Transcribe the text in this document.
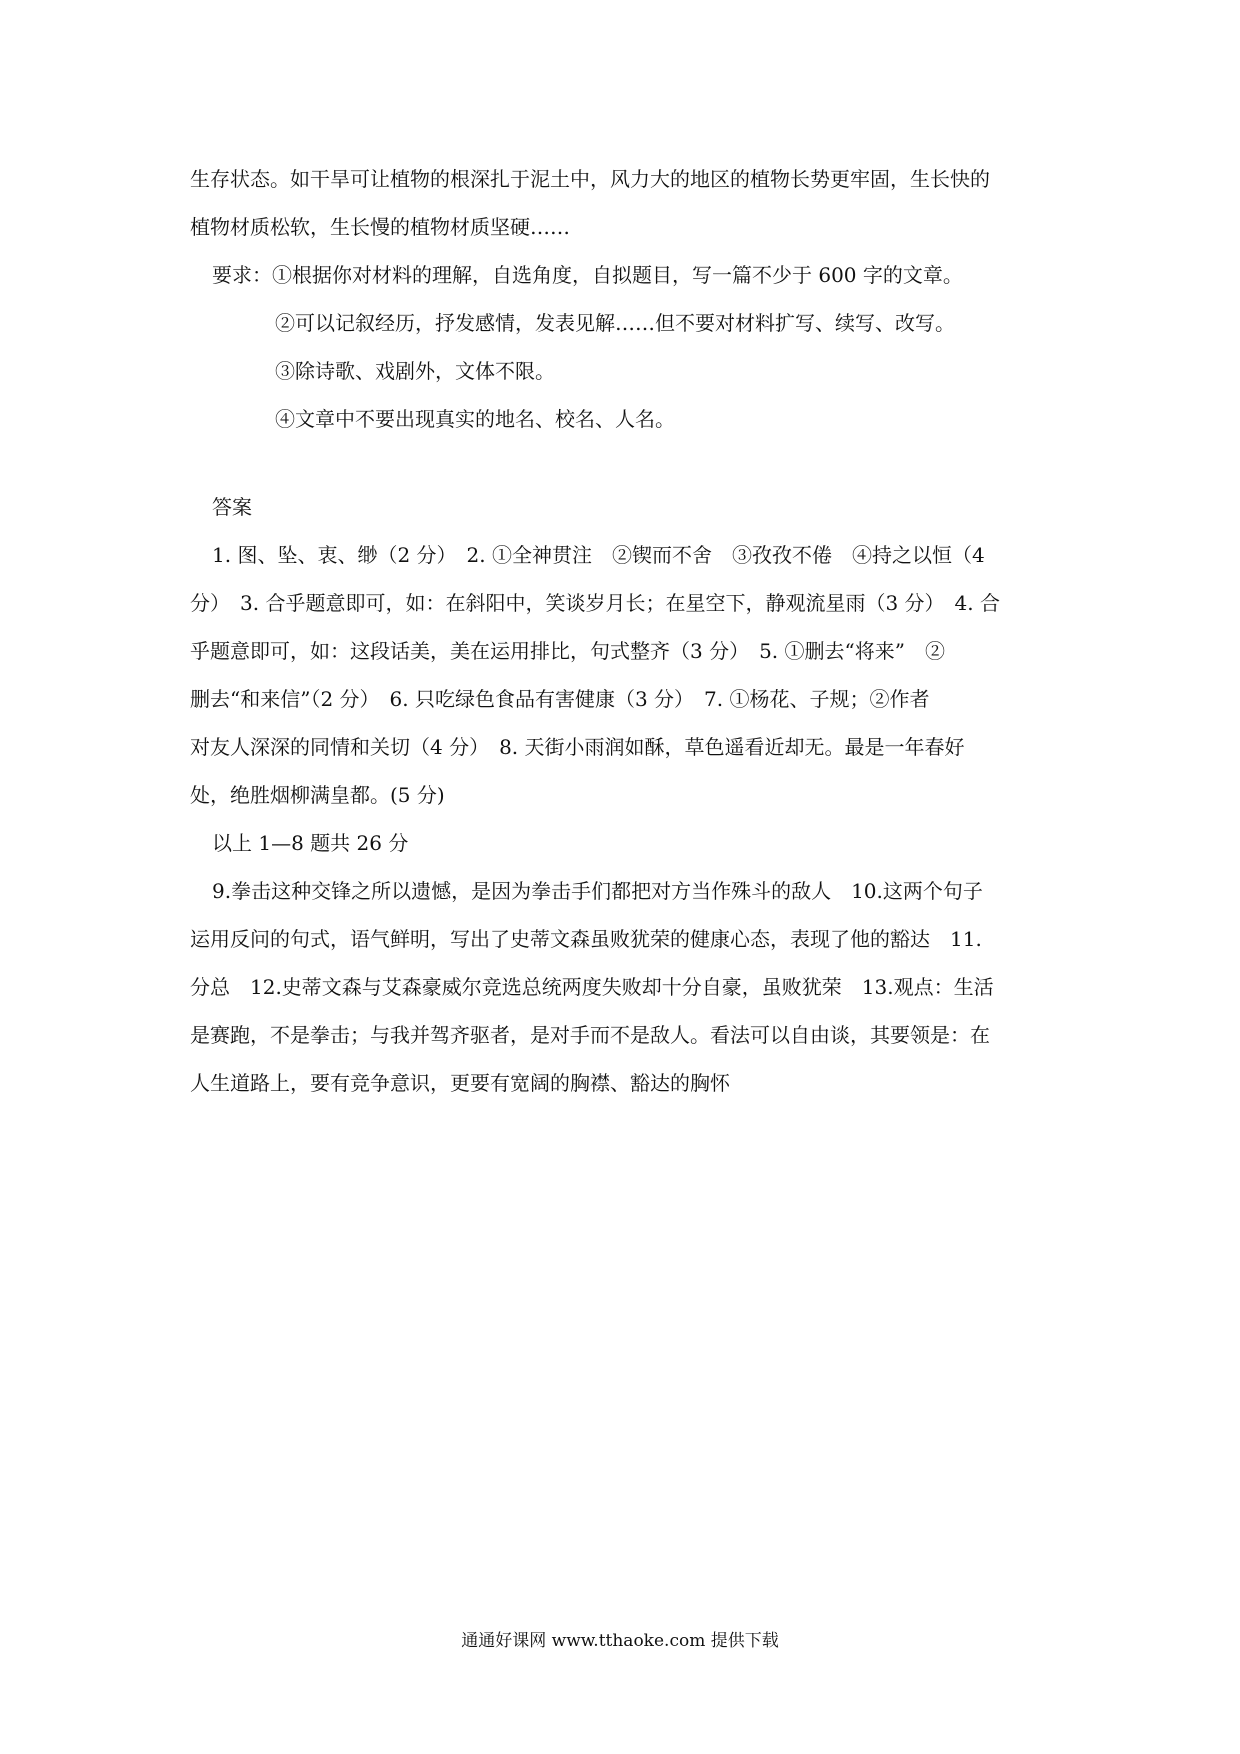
生存状态。如干旱可让植物的根深扎于泥土中，风力大的地区的植物长势更牢固，生长快的

植物材质松软，生长慢的植物材质坚硬……

要求：①根据你对材料的理解，自选角度，自拟题目，写一篇不少于 600 字的文章。

②可以记叙经历，抒发感情，发表见解……但不要对材料扩写、续写、改写。

③除诗歌、戏剧外，文体不限。

④文章中不要出现真实的地名、校名、人名。

答案

1. 图、坠、衷、缈（2 分）　2. ①全神贯注　②锲而不舍　③孜孜不倦　④持之以恒（4

分）　3. 合乎题意即可，如：在斜阳中，笑谈岁月长；在星空下，静观流星雨（3 分）　4. 合

乎题意即可，如：这段话美，美在运用排比，句式整齐（3 分）　5. ①删去“将来”　②

删去“和来信”（2 分）　6. 只吃绿色食品有害健康（3 分）　7. ①杨花、子规；②作者

对友人深深的同情和关切（4 分）　8. 天街小雨润如酥，草色遥看近却无。最是一年春好

处，绝胜烟柳满皇都。(5 分)

以上 1—8 题共 26 分

9.拳击这种交锋之所以遗憾，是因为拳击手们都把对方当作殊斗的敌人　10.这两个句子

运用反问的句式，语气鲜明，写出了史蒂文森虽败犹荣的健康心态，表现了他的豁达　11.

分总　12.史蒂文森与艾森豪威尔竞选总统两度失败却十分自豪，虽败犹荣　13.观点：生活

是赛跑，不是拳击；与我并驾齐驱者，是对手而不是敌人。看法可以自由谈，其要领是：在

人生道路上，要有竞争意识，更要有宽阔的胸襟、豁达的胸怀

通通好课网 www.tthaoke.com 提供下载
